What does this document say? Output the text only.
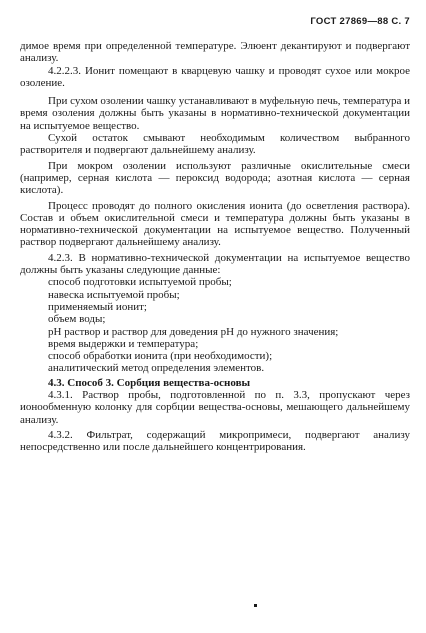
ГОСТ 27869—88 С. 7

димое время при определенной температуре. Элюент декантируют и подвергают анализу.

4.2.2.3. Ионит помещают в кварцевую чашку и проводят сухое или мокрое озоление.

При сухом озолении чашку устанавливают в муфельную печь, температура и время озоления должны быть указаны в нормативно-технической документации на испытуемое вещество.

Сухой остаток смывают необходимым количеством выбранного растворителя и подвергают дальнейшему анализу.

При мокром озолении используют различные окислительные смеси (например, серная кислота — пероксид водорода; азотная кислота — серная кислота).

Процесс проводят до полного окисления ионита (до осветления раствора). Состав и объем окислительной смеси и температура должны быть указаны в нормативно-технической документации на испытуемое вещество. Полученный раствор подвергают дальнейшему анализу.

4.2.3. В нормативно-технической документации на испытуемое вещество должны быть указаны следующие данные:

способ подготовки испытуемой пробы;

навеска испытуемой пробы;

применяемый ионит;

объем воды;

рН раствор и раствор для доведения рН до нужного значения;

время выдержки и температура;

способ обработки ионита (при необходимости);

аналитический метод определения элементов.

4.3. Способ 3. Сорбция вещества-основы

4.3.1. Раствор пробы, подготовленной по п. 3.3, пропускают через ионообменную колонку для сорбции вещества-основы, мешающего дальнейшему анализу.

4.3.2. Фильтрат, содержащий микропримеси, подвергают анализу непосредственно или после дальнейшего концентрирования.
